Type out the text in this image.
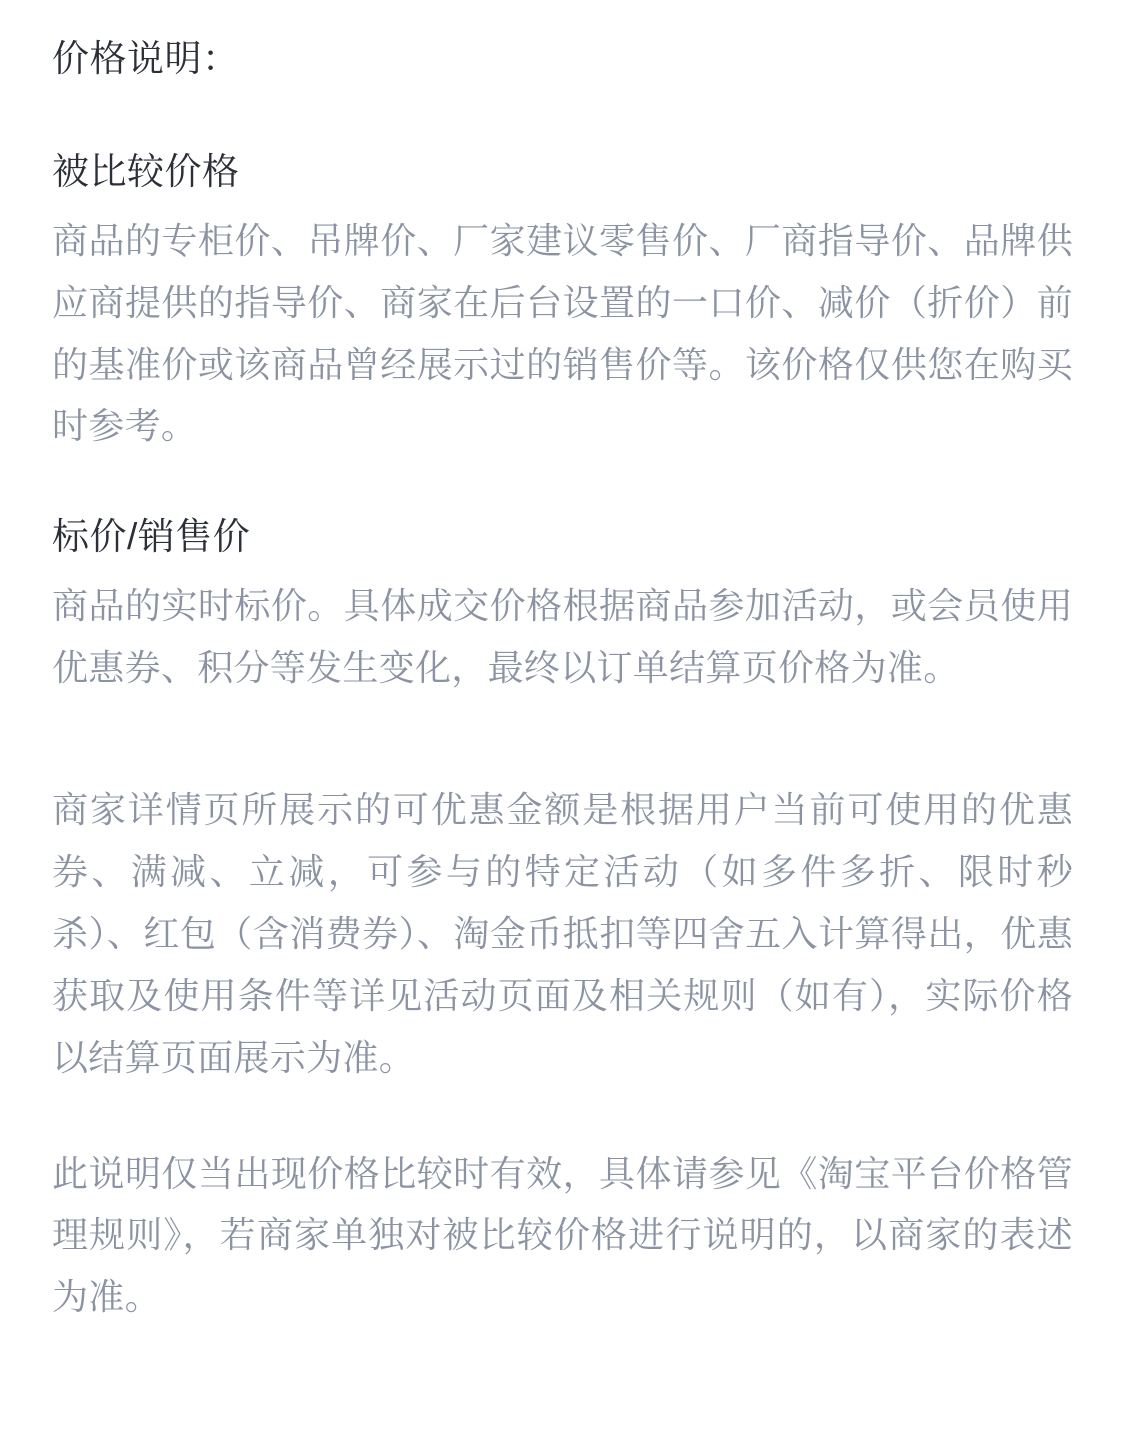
价格说明：
被比较价格

商品的专柜价、吊牌价、厂家建议零售价、厂商指导价、品牌供应商提供的指导价、商家在后台设置的一口价、减价（折价）前的基准价或该商品曾经展示过的销售价等。该价格仅供您在购买时参考。

标价/销售价

商品的实时标价。具体成交价格根据商品参加活动，或会员使用优惠券、积分等发生变化，最终以订单结算页价格为准。

商家详情页所展示的可优惠金额是根据用户当前可使用的优惠券、满减、立减，可参与的特定活动（如多件多折、限时秒杀）、红包（含消费券）、淘金币抵扣等四舍五入计算得出，优惠获取及使用条件等详见活动页面及相关规则（如有），实际价格以结算页面展示为准。

此说明仅当出现价格比较时有效，具体请参见《淘宝平台价格管理规则》，若商家单独对被比较价格进行说明的，以商家的表述为准。
